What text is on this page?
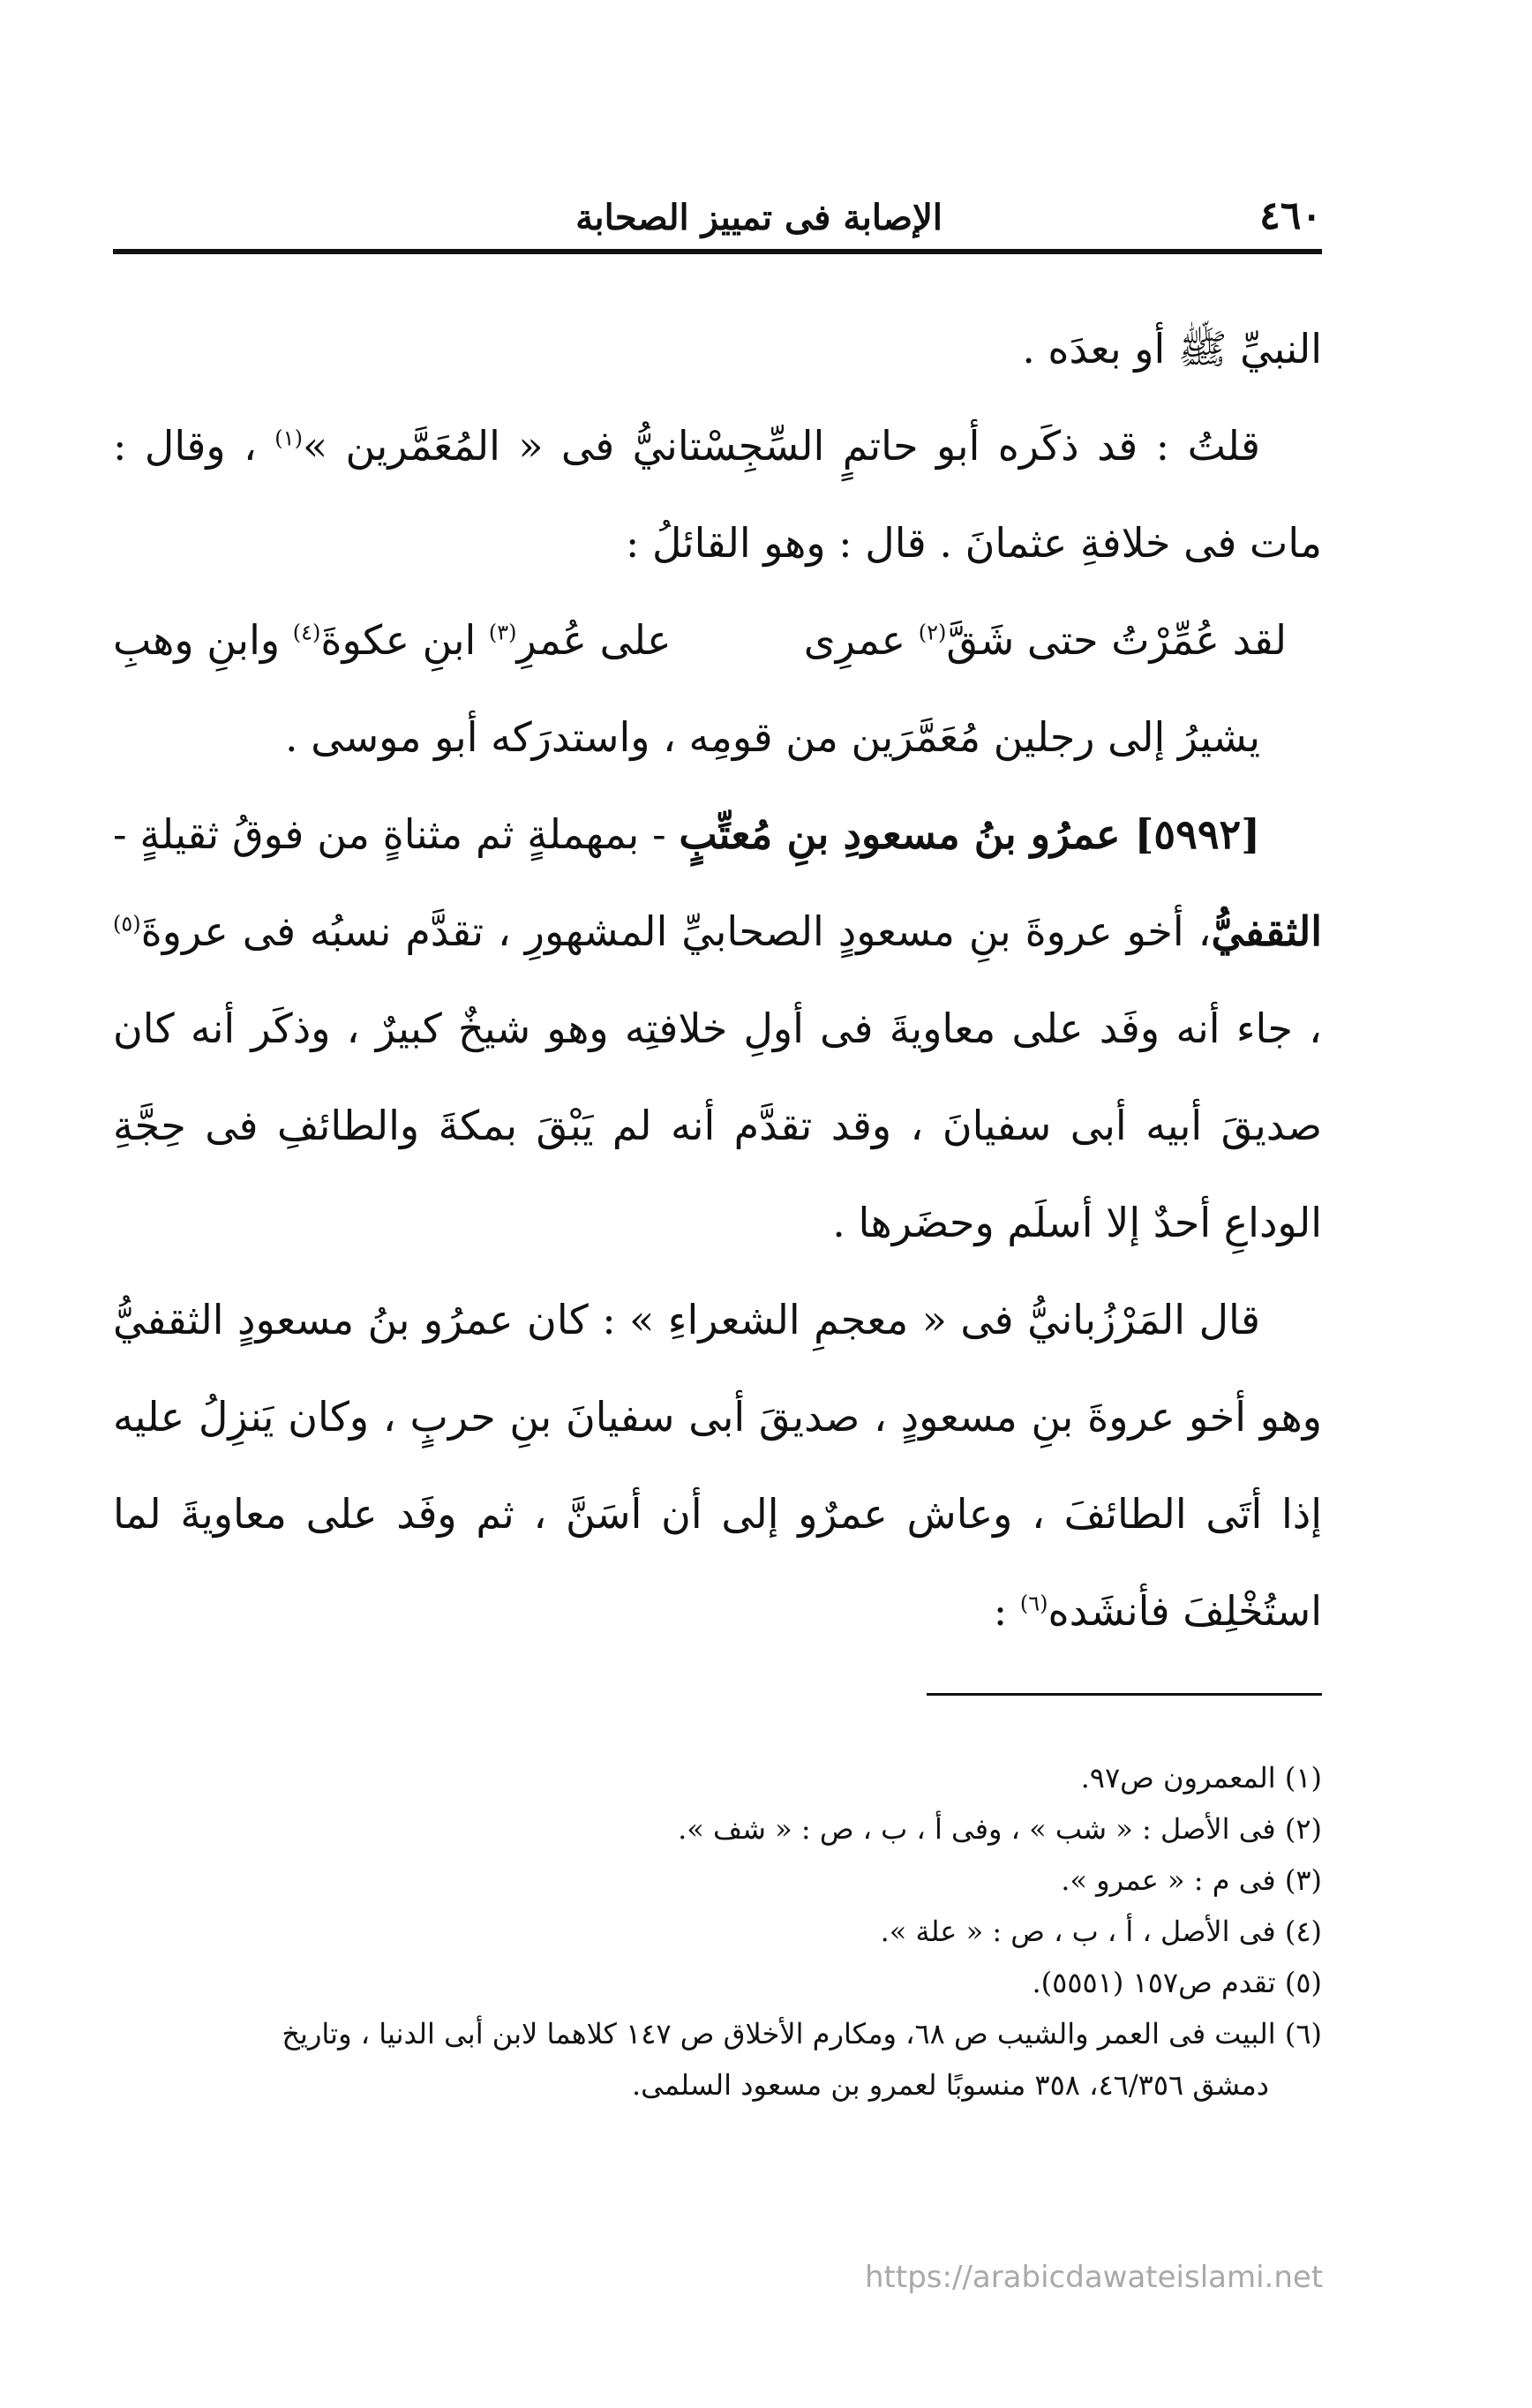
٤٦٠
الإصابة فى تمييز الصحابة

النبيِّ ﷺ أو بعدَه .

قلتُ : قد ذكَره أبو حاتمٍ السِّجِسْتانيُّ فى « المُعَمَّرين »$^{(١)}$ ، وقال : مات فى خلافةِ عثمانَ . قال : وهو القائلُ :

لقد عُمِّرْتُ حتى شَقَّ$^{(٢)}$ عمرِى
على عُمرِ$^{(٣)}$ ابنِ عكوةَ$^{(٤)}$ وابنِ وهبِ

يشيرُ إلى رجلين مُعَمَّرَين من قومِه ، واستدرَكه أبو موسى .

[٥٩٩٢] عمرُو بنُ مسعودِ بنِ مُعتِّبٍ - بمهملةٍ ثم مثناةٍ من فوقُ ثقيلةٍ - الثقفيُّ، أخو عروةَ بنِ مسعودٍ الصحابيِّ المشهورِ ، تقدَّم نسبُه فى عروةَ$^{(٥)}$ ، جاء أنه وفَد على معاويةَ فى أولِ خلافتِه وهو شيخٌ كبيرٌ ، وذكَر أنه كان صديقَ أبيه أبى سفيانَ ، وقد تقدَّم أنه لم يَبْقَ بمكةَ والطائفِ فى حِجَّةِ الوداعِ أحدٌ إلا أسلَم وحضَرها .

قال المَرْزُبانيُّ فى « معجمِ الشعراءِ » : كان عمرُو بنُ مسعودٍ الثقفيُّ وهو أخو عروةَ بنِ مسعودٍ ، صديقَ أبى سفيانَ بنِ حربٍ ، وكان يَنزِلُ عليه إذا أتَى الطائفَ ، وعاش عمرٌو إلى أن أسَنَّ ، ثم وفَد على معاويةَ لما استُخْلِفَ فأنشَده$^{(٦)}$ :

(١) المعمرون ص٩٧.

(٢) فى الأصل : « شب » ، وفى أ ، ب ، ص : « شف ».

(٣) فى م : « عمرو ».

(٤) فى الأصل ، أ ، ب ، ص : « علة ».

(٥) تقدم ص١٥٧ (٥٥٥١).

(٦) البيت فى العمر والشيب ص ٦٨، ومكارم الأخلاق ص ١٤٧ كلاهما لابن أبى الدنيا ، وتاريخ

دمشق ٤٦/٣٥٦، ٣٥٨ منسوبًا لعمرو بن مسعود السلمى.

https://arabicdawateislami.net
